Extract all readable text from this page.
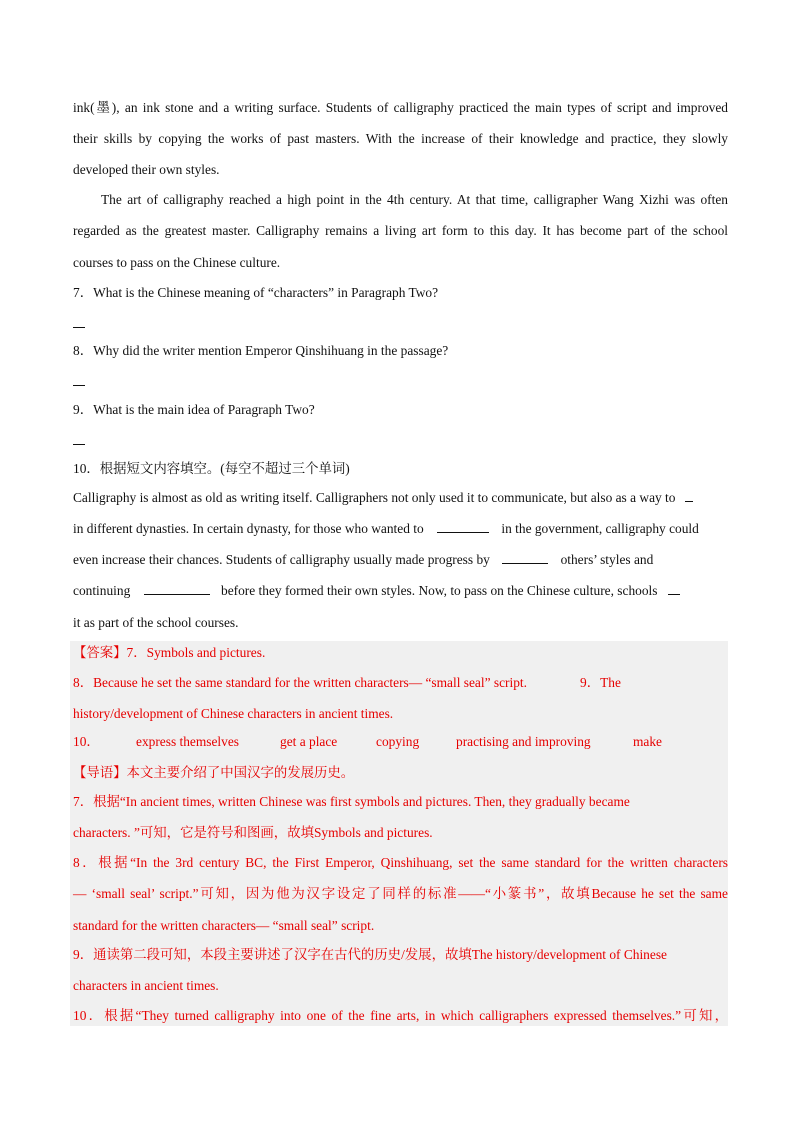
ink(墨), an ink stone and a writing surface. Students of calligraphy practiced the main types of script and improved
their skills by copying the works of past masters. With the increase of their knowledge and practice, they slowly
developed their own styles.
The art of calligraphy reached a high point in the 4th century. At that time, calligrapher Wang Xizhi was often
regarded as the greatest master. Calligraphy remains a living art form to this day. It has become part of the school
courses to pass on the Chinese culture.
7．What is the Chinese meaning of “characters” in Paragraph Two?
8．Why did the writer mention Emperor Qinshihuang in the passage?
9．What is the main idea of Paragraph Two?
10．根据短文内容填空。(每空不超过三个单词)
Calligraphy is almost as old as writing itself. Calligraphers not only used it to communicate, but also as a way to
in different dynasties. In certain dynasty, for those who wanted to	in the government, calligraphy could
even increase their chances. Students of calligraphy usually made progress by	others’ styles and
continuing	before they formed their own styles. Now, to pass on the Chinese culture, schools
it as part of the school courses.
【答案】7．Symbols and pictures.
8．Because he set the same standard for the written characters— “small seal” script.	9．The
history/development of Chinese characters in ancient times.
10．	express themselves	get a place	copying	practising and improving	make
【导语】本文主要介绍了中国汉字的发展历史。
7．根据“In ancient times, written Chinese was first symbols and pictures. Then, they gradually became
characters. ”可知，它是符号和图画，故填Symbols and pictures.
8．根据“In the 3rd century BC, the First Emperor, Qinshihuang, set the same standard for the written characters
— ‘small seal’ script.”可知，因为他为汉字设定了同样的标准——“小篆书”，故填Because he set the same
standard for the written characters— “small seal” script.
9．通读第二段可知，本段主要讲述了汉字在古代的历史/发展，故填The history/development of Chinese
characters in ancient times.
10．根据“They turned calligraphy into one of the fine arts, in which calligraphers expressed themselves.”可知，
